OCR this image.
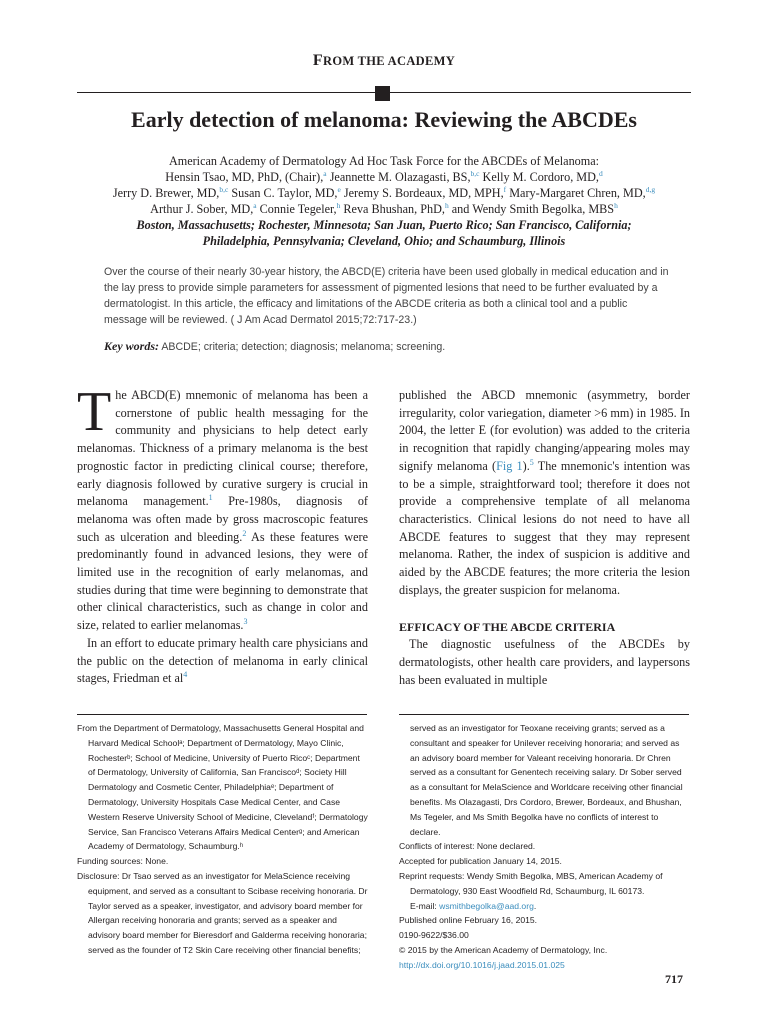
FROM THE ACADEMY
Early detection of melanoma: Reviewing the ABCDEs
American Academy of Dermatology Ad Hoc Task Force for the ABCDEs of Melanoma:
Hensin Tsao, MD, PhD, (Chair),$^a$ Jeannette M. Olazagasti, BS,$^{b,c}$ Kelly M. Cordoro, MD,$^d$
Jerry D. Brewer, MD,$^{b,c}$ Susan C. Taylor, MD,$^e$ Jeremy S. Bordeaux, MD, MPH,$^f$ Mary-Margaret Chren, MD,$^{d,g}$
Arthur J. Sober, MD,$^a$ Connie Tegeler,$^h$ Reva Bhushan, PhD,$^h$ and Wendy Smith Begolka, MBS$^h$
Boston, Massachusetts; Rochester, Minnesota; San Juan, Puerto Rico; San Francisco, California;
Philadelphia, Pennsylvania; Cleveland, Ohio; and Schaumburg, Illinois
Over the course of their nearly 30-year history, the ABCD(E) criteria have been used globally in medical education and in the lay press to provide simple parameters for assessment of pigmented lesions that need to be further evaluated by a dermatologist. In this article, the efficacy and limitations of the ABCDE criteria as both a clinical tool and a public message will be reviewed. ( J Am Acad Dermatol 2015;72:717-23.)
Key words: ABCDE; criteria; detection; diagnosis; melanoma; screening.

The ABCD(E) mnemonic of melanoma has been a cornerstone of public health messaging for the community and physicians to help detect early melanomas. Thickness of a primary melanoma is the best prognostic factor in predicting clinical course; therefore, early diagnosis followed by curative surgery is crucial in melanoma management.$^1$ Pre-1980s, diagnosis of melanoma was often made by gross macroscopic features such as ulceration and bleeding.$^2$ As these features were predominantly found in advanced lesions, they were of limited use in the recognition of early melanomas, and studies during that time were beginning to demonstrate that other clinical characteristics, such as change in color and size, related to earlier melanomas.$^3$

In an effort to educate primary health care physicians and the public on the detection of melanoma in early clinical stages, Friedman et al$^4$

published the ABCD mnemonic (asymmetry, border irregularity, color variegation, diameter >6 mm) in 1985. In 2004, the letter E (for evolution) was added to the criteria in recognition that rapidly changing/appearing moles may signify melanoma (Fig 1).$^5$ The mnemonic's intention was to be a simple, straightforward tool; therefore it does not provide a comprehensive template of all melanoma characteristics. Clinical lesions do not need to have all ABCDE features to suggest that they may represent melanoma. Rather, the index of suspicion is additive and aided by the ABCDE features; the more criteria the lesion displays, the greater suspicion for melanoma.

EFFICACY OF THE ABCDE CRITERIA

The diagnostic usefulness of the ABCDEs by dermatologists, other health care providers, and laypersons has been evaluated in multiple

From the Department of Dermatology, Massachusetts General Hospital and Harvard Medical Schoolᵃ; Department of Dermatology, Mayo Clinic, Rochesterᵇ; School of Medicine, University of Puerto Ricoᶜ; Department of Dermatology, University of California, San Franciscoᵈ; Society Hill Dermatology and Cosmetic Center, Philadelphiaᵉ; Department of Dermatology, University Hospitals Case Medical Center, and Case Western Reserve University School of Medicine, Clevelandᶠ; Dermatology Service, San Francisco Veterans Affairs Medical Centerᵍ; and American Academy of Dermatology, Schaumburg.ʰ
Funding sources: None.
Disclosure: Dr Tsao served as an investigator for MelaScience receiving equipment, and served as a consultant to Scibase receiving honoraria. Dr Taylor served as a speaker, investigator, and advisory board member for Allergan receiving honoraria and grants; served as a speaker and advisory board member for Bieresdorf and Galderma receiving honoraria; served as the founder of T2 Skin Care receiving other financial benefits;
served as an investigator for Teoxane receiving grants; served as a consultant and speaker for Unilever receiving honoraria; and served as an advisory board member for Valeant receiving honoraria. Dr Chren served as a consultant for Genentech receiving salary. Dr Sober served as a consultant for MelaScience and Worldcare receiving other financial benefits. Ms Olazagasti, Drs Cordoro, Brewer, Bordeaux, and Bhushan, Ms Tegeler, and Ms Smith Begolka have no conflicts of interest to declare.
Conflicts of interest: None declared.
Accepted for publication January 14, 2015.
Reprint requests: Wendy Smith Begolka, MBS, American Academy of Dermatology, 930 East Woodfield Rd, Schaumburg, IL 60173.
E-mail: wsmithbegolka@aad.org.
Published online February 16, 2015.
0190-9622/$36.00
© 2015 by the American Academy of Dermatology, Inc.
http://dx.doi.org/10.1016/j.jaad.2015.01.025
717
